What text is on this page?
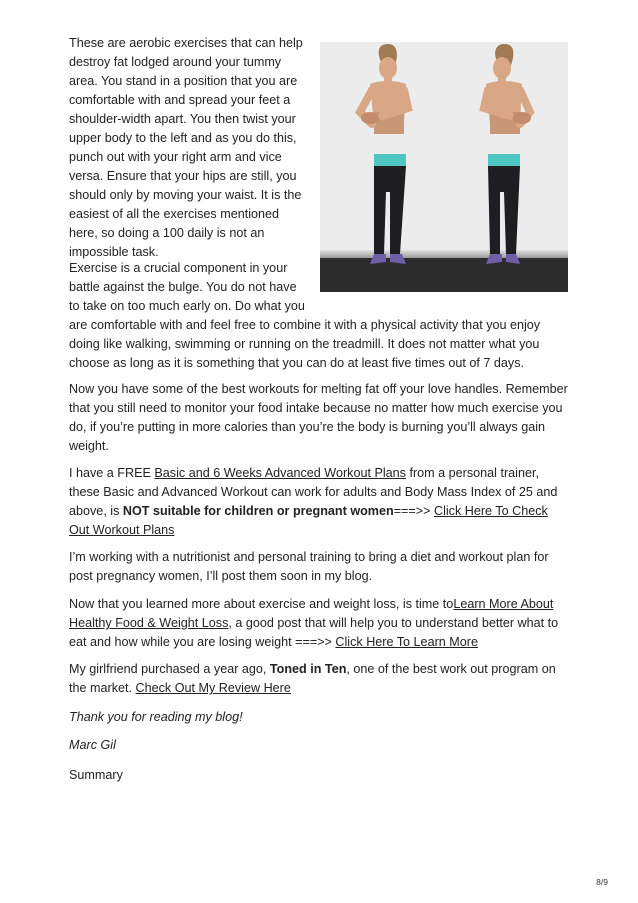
These are aerobic exercises that can help destroy fat lodged around your tummy area. You stand in a position that you are comfortable with and spread your feet a shoulder-width apart. You then twist your upper body to the left and as you do this, punch out with your right arm and vice versa. Ensure that your hips are still, you should only by moving your waist. It is the easiest of all the exercises mentioned here, so doing a 100 daily is not an impossible task.

Exercise is a crucial component in your battle against the bulge. You do not have to take on too much early on. Do what you

are comfortable with and feel free to combine it with a physical activity that you enjoy doing like walking, swimming or running on the treadmill. It does not matter what you choose as long as it is something that you can do at least five times out of 7 days.

Now you have some of the best workouts for melting fat off your love handles. Remember that you still need to monitor your food intake because no matter how much exercise you do, if you’re putting in more calories than you’re the body is burning you’ll always gain weight.

I have a FREE Basic and 6 Weeks Advanced Workout Plans from a personal trainer, these Basic and Advanced Workout can work for adults and Body Mass Index of 25 and above, is NOT suitable for children or pregnant women===>> Click Here To Check Out Workout Plans

I’m working with a nutritionist and personal training to bring a diet and workout plan for post pregnancy women, I’ll post them soon in my blog.

Now that you learned more about exercise and weight loss, is time toLearn More About Healthy Food & Weight Loss, a good post that will help you to understand better what to eat and how while you are losing weight ===>> Click Here To Learn More

My girlfriend purchased a year ago, Toned in Ten, one of the best work out program on the market. Check Out My Review Here

Thank you for reading my blog!

Marc Gil

Summary

8/9
